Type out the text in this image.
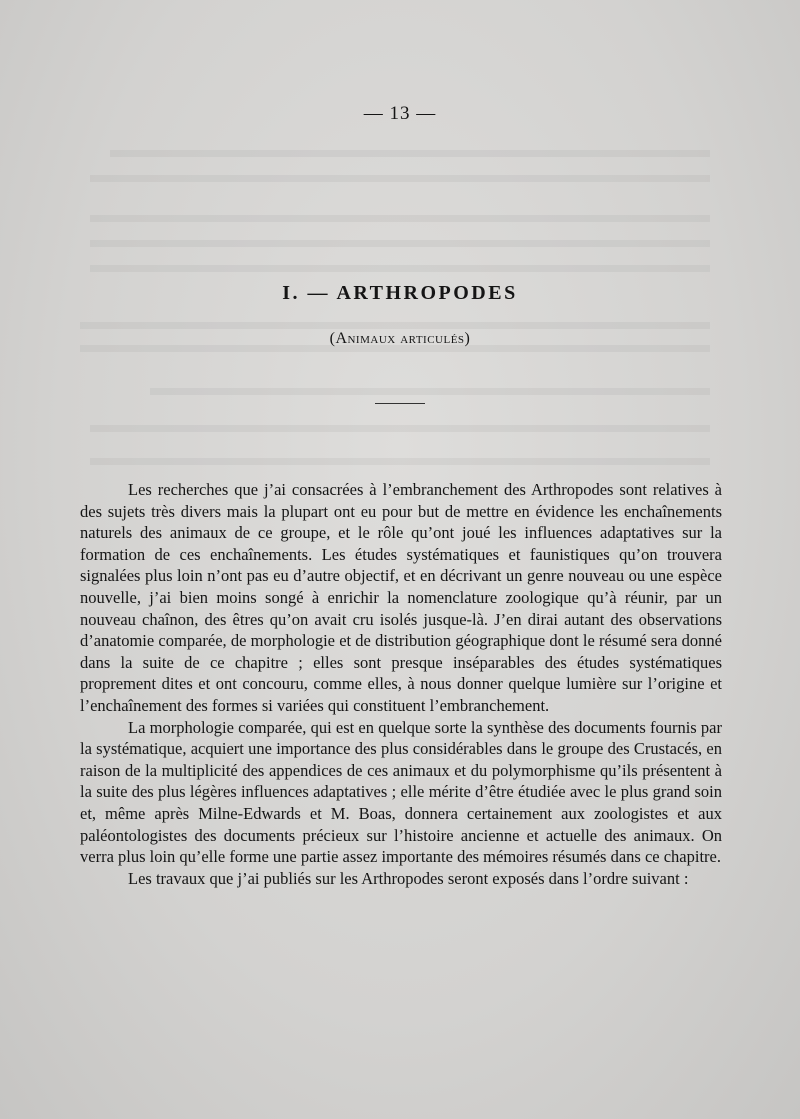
— 13 —
I. — ARTHROPODES
(Animaux articulés)

Les recherches que j’ai consacrées à l’embranchement des Arthropodes sont relatives à des sujets très divers mais la plupart ont eu pour but de mettre en évidence les enchaînements naturels des animaux de ce groupe, et le rôle qu’ont joué les influences adaptatives sur la formation de ces enchaînements. Les études systématiques et faunistiques qu’on trouvera signalées plus loin n’ont pas eu d’autre objectif, et en décrivant un genre nouveau ou une espèce nouvelle, j’ai bien moins songé à enrichir la nomenclature zoologique qu’à réunir, par un nouveau chaînon, des êtres qu’on avait cru isolés jusque-là. J’en dirai autant des observations d’anatomie comparée, de morphologie et de distribution géographique dont le résumé sera donné dans la suite de ce chapitre ; elles sont presque inséparables des études systématiques proprement dites et ont concouru, comme elles, à nous donner quelque lumière sur l’origine et l’enchaînement des formes si variées qui constituent l’embranchement.

La morphologie comparée, qui est en quelque sorte la synthèse des documents fournis par la systématique, acquiert une importance des plus considérables dans le groupe des Crustacés, en raison de la multiplicité des appendices de ces animaux et du polymorphisme qu’ils présentent à la suite des plus légères influences adaptatives ; elle mérite d’être étudiée avec le plus grand soin et, même après Milne-Edwards et M. Boas, donnera certainement aux zoologistes et aux paléontologistes des documents précieux sur l’histoire ancienne et actuelle des animaux. On verra plus loin qu’elle forme une partie assez importante des mémoires résumés dans ce chapitre.

Les travaux que j’ai publiés sur les Arthropodes seront exposés dans l’ordre suivant :
